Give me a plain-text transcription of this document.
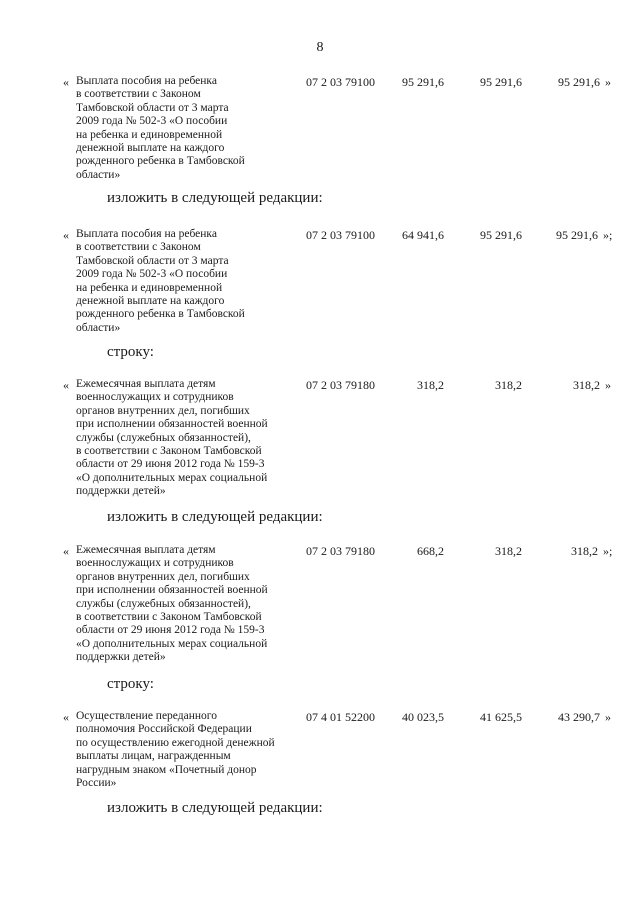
8
« Выплата пособия на ребенка
в соответствии с Законом
Тамбовской области от 3 марта
2009 года № 502-3 «О пособии
на ребенка и единовременной
денежной выплате на каждого
рожденного ребенка в Тамбовской
области»
07 2 03 79100	95 291,6	95 291,6	95 291,6 »
изложить в следующей редакции:
« Выплата пособия на ребенка
в соответствии с Законом
Тамбовской области от 3 марта
2009 года № 502-3 «О пособии
на ребенка и единовременной
денежной выплате на каждого
рожденного ребенка в Тамбовской
области»
07 2 03 79100	64 941,6	95 291,6	95 291,6 »;
строку:
« Ежемесячная выплата детям
военнослужащих и сотрудников
органов внутренних дел, погибших
при исполнении обязанностей военной
службы (служебных обязанностей),
в соответствии с Законом Тамбовской
области от 29 июня 2012 года № 159-3
«О дополнительных мерах социальной
поддержки детей»
07 2 03 79180	318,2	318,2	318,2 »
изложить в следующей редакции:
« Ежемесячная выплата детям
военнослужащих и сотрудников
органов внутренних дел, погибших
при исполнении обязанностей военной
службы (служебных обязанностей),
в соответствии с Законом Тамбовской
области от 29 июня 2012 года № 159-3
«О дополнительных мерах социальной
поддержки детей»
07 2 03 79180	668,2	318,2	318,2 »;
строку:
« Осуществление переданного
полномочия Российской Федерации
по осуществлению ежегодной денежной
выплаты лицам, награжденным
нагрудным знаком «Почетный донор
России»
07 4 01 52200	40 023,5	41 625,5	43 290,7 »
изложить в следующей редакции:
